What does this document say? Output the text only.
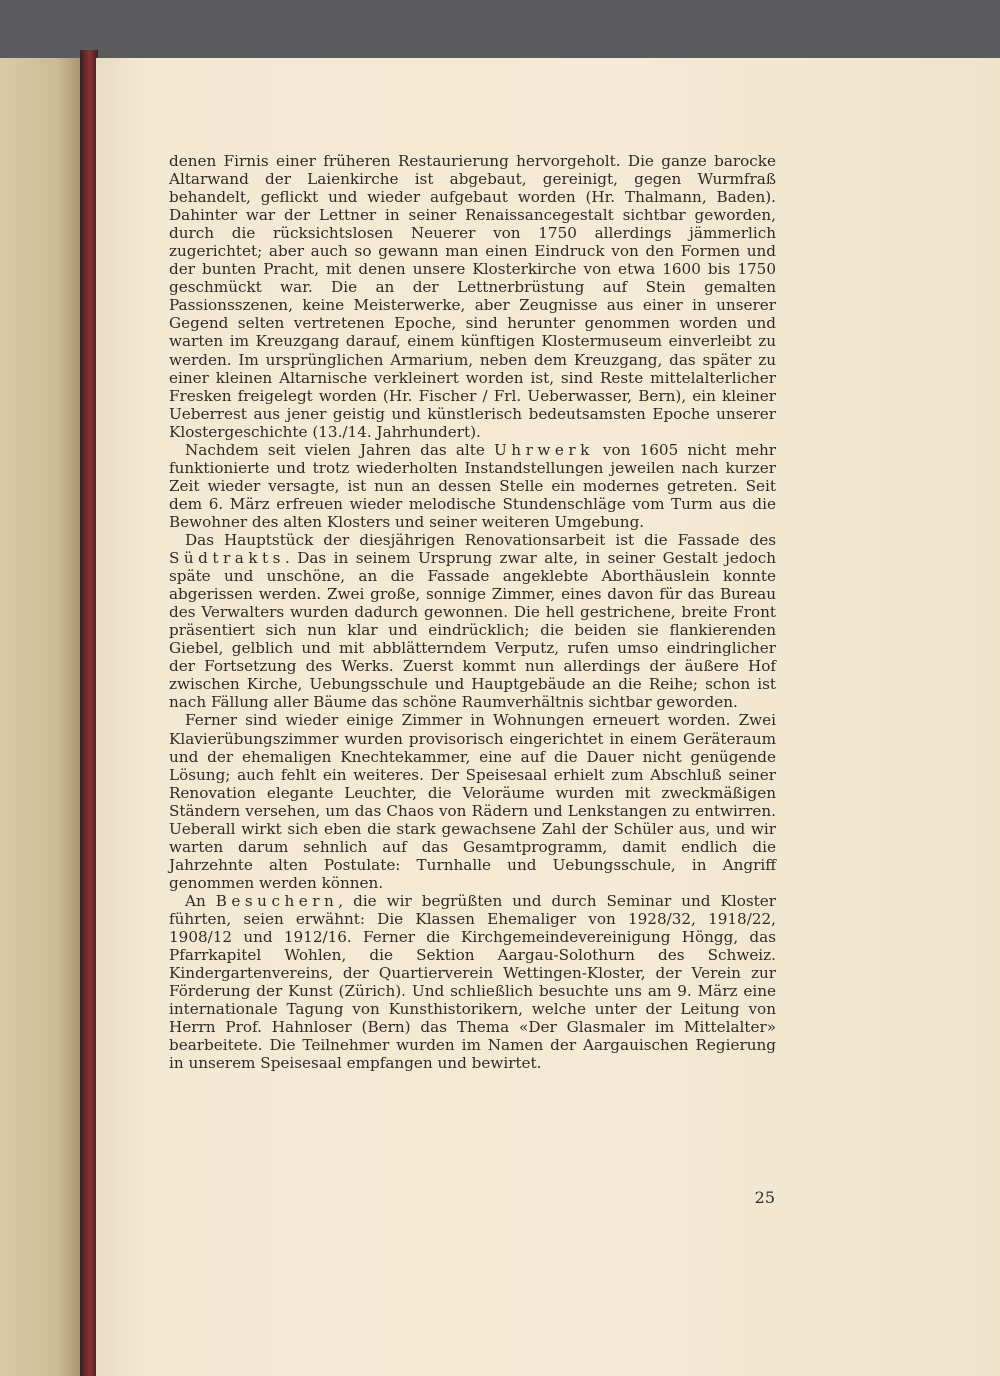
denen Firnis einer früheren Restaurierung hervorgeholt. Die ganze barocke Altarwand der Laienkirche ist abgebaut, gereinigt, gegen Wurmfraß behandelt, geflickt und wieder aufgebaut worden (Hr. Thalmann, Baden). Dahinter war der Lettner in seiner Renaissancegestalt sichtbar geworden, durch die rücksichtslosen Neuerer von 1750 allerdings jämmerlich zugerichtet; aber auch so gewann man einen Eindruck von den Formen und der bunten Pracht, mit denen unsere Klosterkirche von etwa 1600 bis 1750 geschmückt war. Die an der Lettnerbrüstung auf Stein gemalten Passionsszenen, keine Meisterwerke, aber Zeugnisse aus einer in unserer Gegend selten vertretenen Epoche, sind herunter genommen worden und warten im Kreuzgang darauf, einem künftigen Klostermuseum einverleibt zu werden. Im ursprünglichen Armarium, neben dem Kreuzgang, das später zu einer kleinen Altarnische verkleinert worden ist, sind Reste mittelalterlicher Fresken freigelegt worden (Hr. Fischer / Frl. Ueberwasser, Bern), ein kleiner Ueberrest aus jener geistig und künstlerisch bedeutsamsten Epoche unserer Klostergeschichte (13./14. Jahrhundert).

Nachdem seit vielen Jahren das alte Uhrwerk von 1605 nicht mehr funktionierte und trotz wiederholten Instandstellungen jeweilen nach kurzer Zeit wieder versagte, ist nun an dessen Stelle ein modernes getreten. Seit dem 6. März erfreuen wieder melodische Stundenschläge vom Turm aus die Bewohner des alten Klosters und seiner weiteren Umgebung.

Das Hauptstück der diesjährigen Renovationsarbeit ist die Fassade des Südtrakts. Das in seinem Ursprung zwar alte, in seiner Gestalt jedoch späte und unschöne, an die Fassade angeklebte Aborthäuslein konnte abgerissen werden. Zwei große, sonnige Zimmer, eines davon für das Bureau des Verwalters wurden dadurch gewonnen. Die hell gestrichene, breite Front präsentiert sich nun klar und eindrücklich; die beiden sie flankierenden Giebel, gelblich und mit abblätterndem Verputz, rufen umso eindringlicher der Fortsetzung des Werks. Zuerst kommt nun allerdings der äußere Hof zwischen Kirche, Uebungsschule und Hauptgebäude an die Reihe; schon ist nach Fällung aller Bäume das schöne Raumverhältnis sichtbar geworden.

Ferner sind wieder einige Zimmer in Wohnungen erneuert worden. Zwei Klavierübungszimmer wurden provisorisch eingerichtet in einem Geräteraum und der ehemaligen Knechtekammer, eine auf die Dauer nicht genügende Lösung; auch fehlt ein weiteres. Der Speisesaal erhielt zum Abschluß seiner Renovation elegante Leuchter, die Veloräume wurden mit zweckmäßigen Ständern versehen, um das Chaos von Rädern und Lenkstangen zu entwirren. Ueberall wirkt sich eben die stark gewachsene Zahl der Schüler aus, und wir warten darum sehnlich auf das Gesamtprogramm, damit endlich die Jahrzehnte alten Postulate: Turnhalle und Uebungsschule, in Angriff genommen werden können.

An Besuchern, die wir begrüßten und durch Seminar und Kloster führten, seien erwähnt: Die Klassen Ehemaliger von 1928/32, 1918/22, 1908/12 und 1912/16. Ferner die Kirchgemeindevereinigung Höngg, das Pfarrkapitel Wohlen, die Sektion Aargau-Solothurn des Schweiz. Kindergartenvereins, der Quartierverein Wettingen-Kloster, der Verein zur Förderung der Kunst (Zürich). Und schließlich besuchte uns am 9. März eine internationale Tagung von Kunsthistorikern, welche unter der Leitung von Herrn Prof. Hahnloser (Bern) das Thema «Der Glasmaler im Mittelalter» bearbeitete. Die Teilnehmer wurden im Namen der Aargauischen Regierung in unserem Speisesaal empfangen und bewirtet.

25
